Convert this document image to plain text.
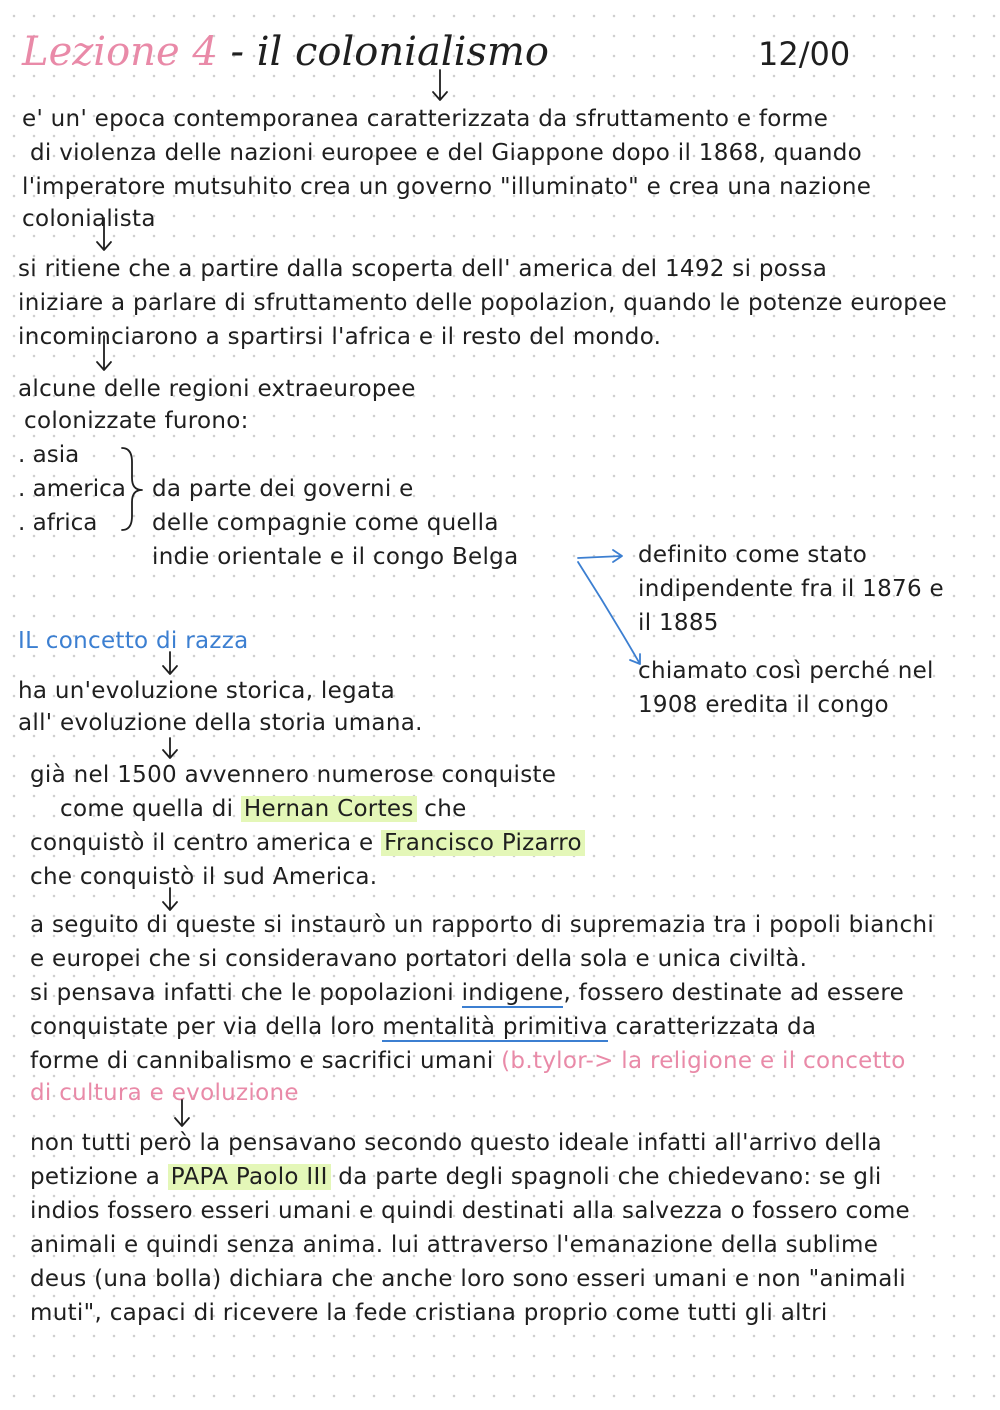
Lezione 4 - il colonialismo	12/00
e' un' epoca contemporanea caratterizzata da sfruttamento e forme
di violenza delle nazioni europee e del Giappone dopo il 1868, quando
l'imperatore mutsuhito crea un governo "illuminato" e crea una nazione
colonialista
si ritiene che a partire dalla scoperta dell' america del 1492 si possa
iniziare a parlare di sfruttamento delle popolazion, quando le potenze europee
incominciarono a spartirsi l'africa e il resto del mondo.
alcune delle regioni extraeuropee
colonizzate furono:
. asia
. america
. africa
da parte dei governi e
delle compagnie come quella
indie orientale e il congo Belga	definito come stato
indipendente fra il 1876 e
il 1885
chiamato così perché nel
1908 eredita il congo
IL concetto di razza
ha un'evoluzione storica, legata
all' evoluzione della storia umana.
già nel 1500 avvennero numerose conquiste
come quella di Hernan Cortes che
conquistò il centro america e Francisco Pizarro
che conquistò il sud America.
a seguito di queste si instaurò un rapporto di supremazia tra i popoli bianchi
e europei che si consideravano portatori della sola e unica civiltà.
si pensava infatti che le popolazioni indigene, fossero destinate ad essere
conquistate per via della loro mentalità primitiva caratterizzata da
forme di cannibalismo e sacrifici umani (b.tylor-> la religione e il concetto
di cultura e evoluzione
non tutti però la pensavano secondo questo ideale infatti all'arrivo della
petizione a PAPA Paolo III da parte degli spagnoli che chiedevano: se gli
indios fossero esseri umani e quindi destinati alla salvezza o fossero come
animali e quindi senza anima. lui attraverso l'emanazione della sublime
deus (una bolla) dichiara che anche loro sono esseri umani e non "animali
muti", capaci di ricevere la fede cristiana proprio come tutti gli altri
